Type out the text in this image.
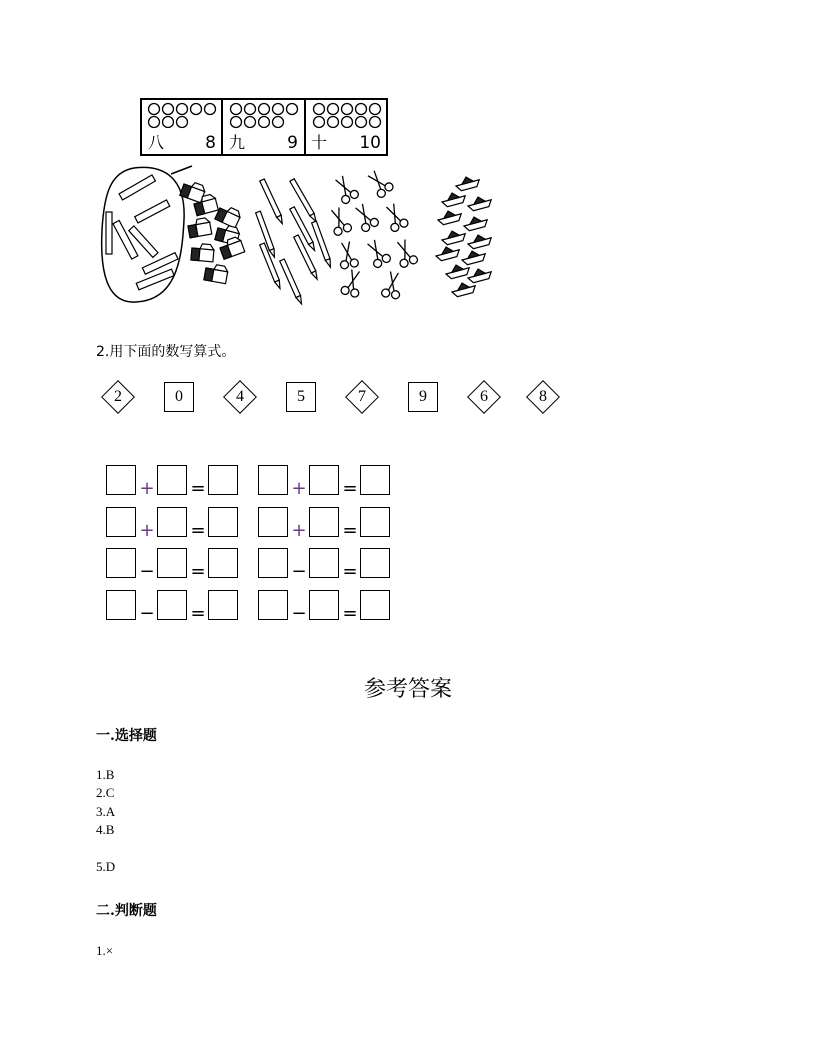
八 8 九 9 十 10
2.用下面的数写算式。
2	0	4	5	7	9	6	8
+ =	+ =
+ =	+ =
− =	− =
− =	− =
参考答案
一.选择题
1.B
2.C
3.A
4.B
5.D
二.判断题
1.×
